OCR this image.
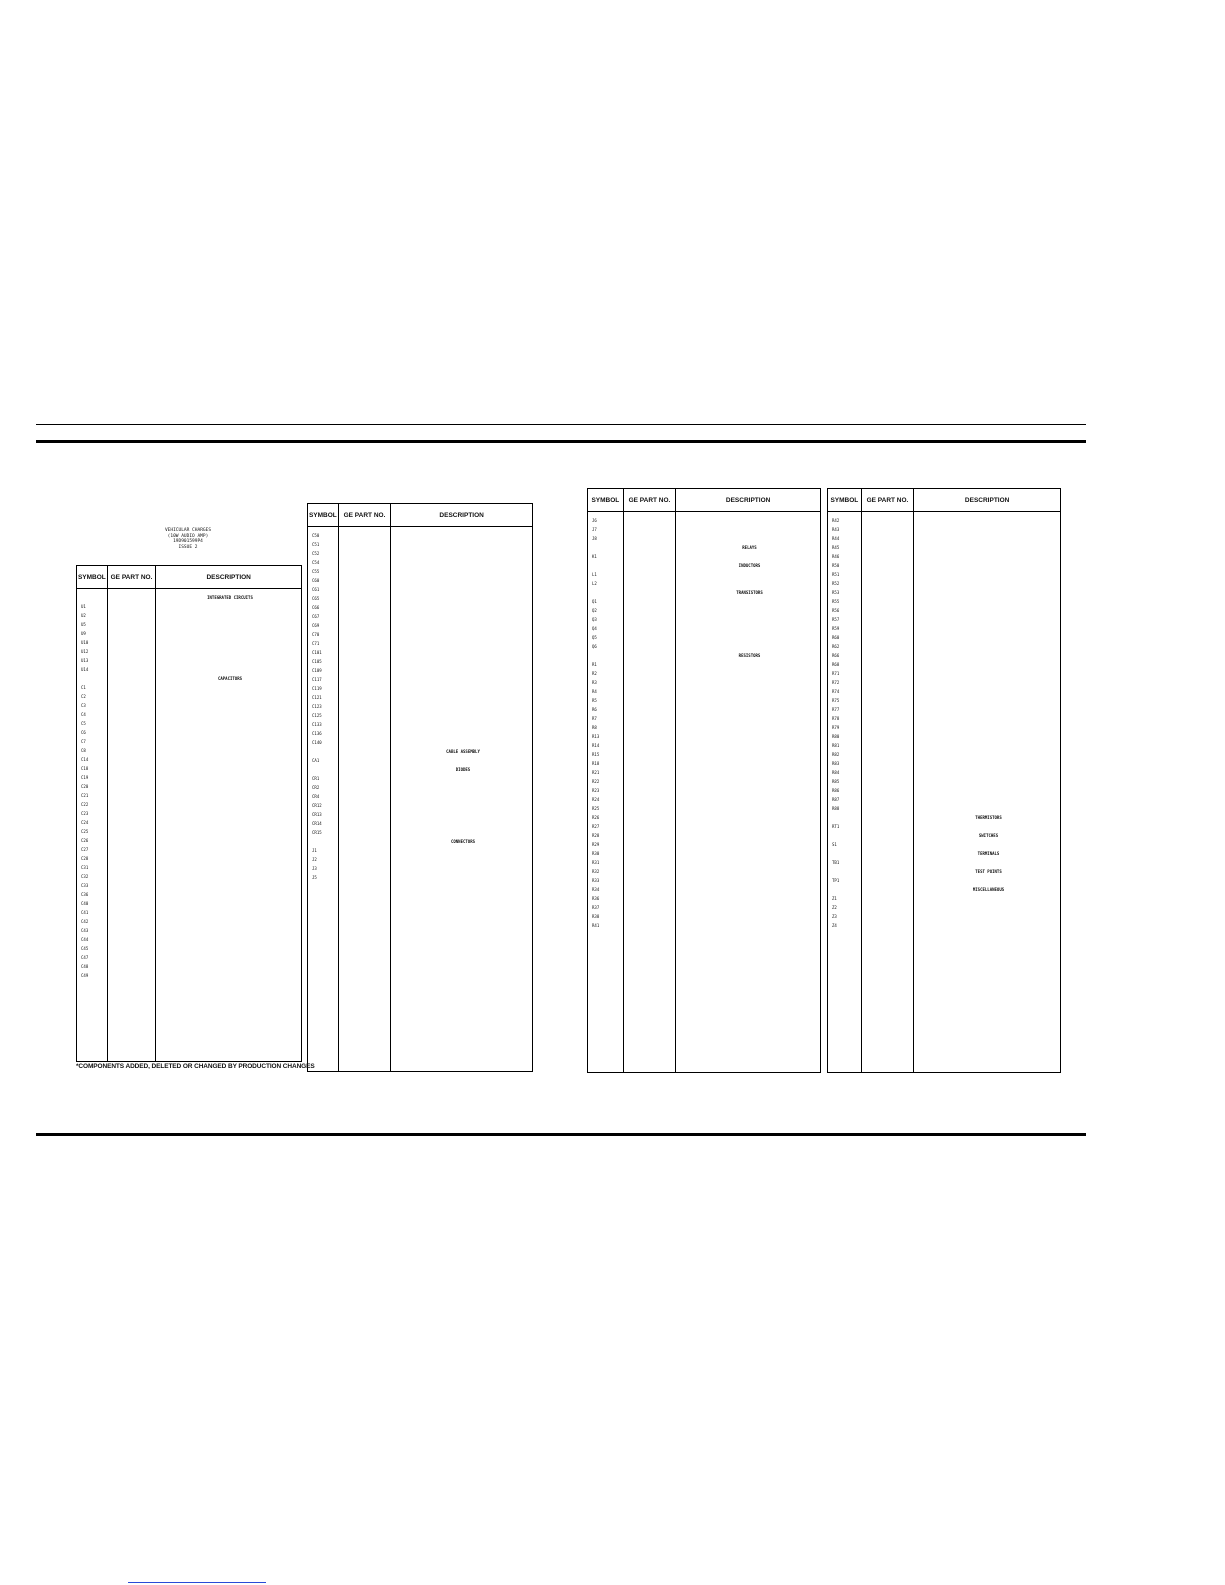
VEHICULAR CHARGES
(10W AUDIO AMP)
19D901599P4
ISSUE 2
SYMBOL GE PART NO.	DESCRIPTION
INTEGRATED CIRCUITS
U1
U2
U5
U9
U10
U12
U13
U14
CAPACITORS
C1
C2
C3
C4
C5
C6
C7
C8
C14
C18
C19
C20
C21
C22
C23
C24
C25
C26
C27
C28
C31
C32
C33
C36
C40
C41
C42
C43
C44
C45
C47
C48
C49
SYMBOL	GE PART NO.	DESCRIPTION
C50
C51
C52
C54
C55
C60
C61
C65
C66
C67
C69
C70
C71
C101
C105
C109
C117
C119
C121
C123
C125
C133
C136
C140
CABLE ASSEMBLY
CA1
DIODES
CR1
CR2
CR4
CR12
CR13
CR14
CR15
CONNECTORS
J1
J2
J3
J5
SYMBOL	GE PART NO.	DESCRIPTION
J6
J7
J8
RELAYS
K1
INDUCTORS
L1
L2
TRANSISTORS
Q1
Q2
Q3
Q4
Q5
Q6
RESISTORS
R1
R2
R3
R4
R5
R6
R7
R8
R13
R14
R15
R18
R21
R22
R23
R24
R25
R26
R27
R28
R29
R30
R31
R32
R33
R34
R36
R37
R38
R41
SYMBOL	GE PART NO.	DESCRIPTION
R42
R43
R44
R45
R46
R50
R51
R52
R53
R55
R56
R57
R59
R60
R62
R66
R68
R71
R72
R74
R75
R77
R78
R79
R80
R81
R82
R83
R84
R85
R86
R87
R88
THERMISTORS
RT1
SWITCHES
S1
TERMINALS
TB1
TEST POINTS
TP1
MISCELLANEOUS
Z1
Z2
Z3
Z4
*COMPONENTS ADDED, DELETED OR CHANGED BY PRODUCTION CHANGES
